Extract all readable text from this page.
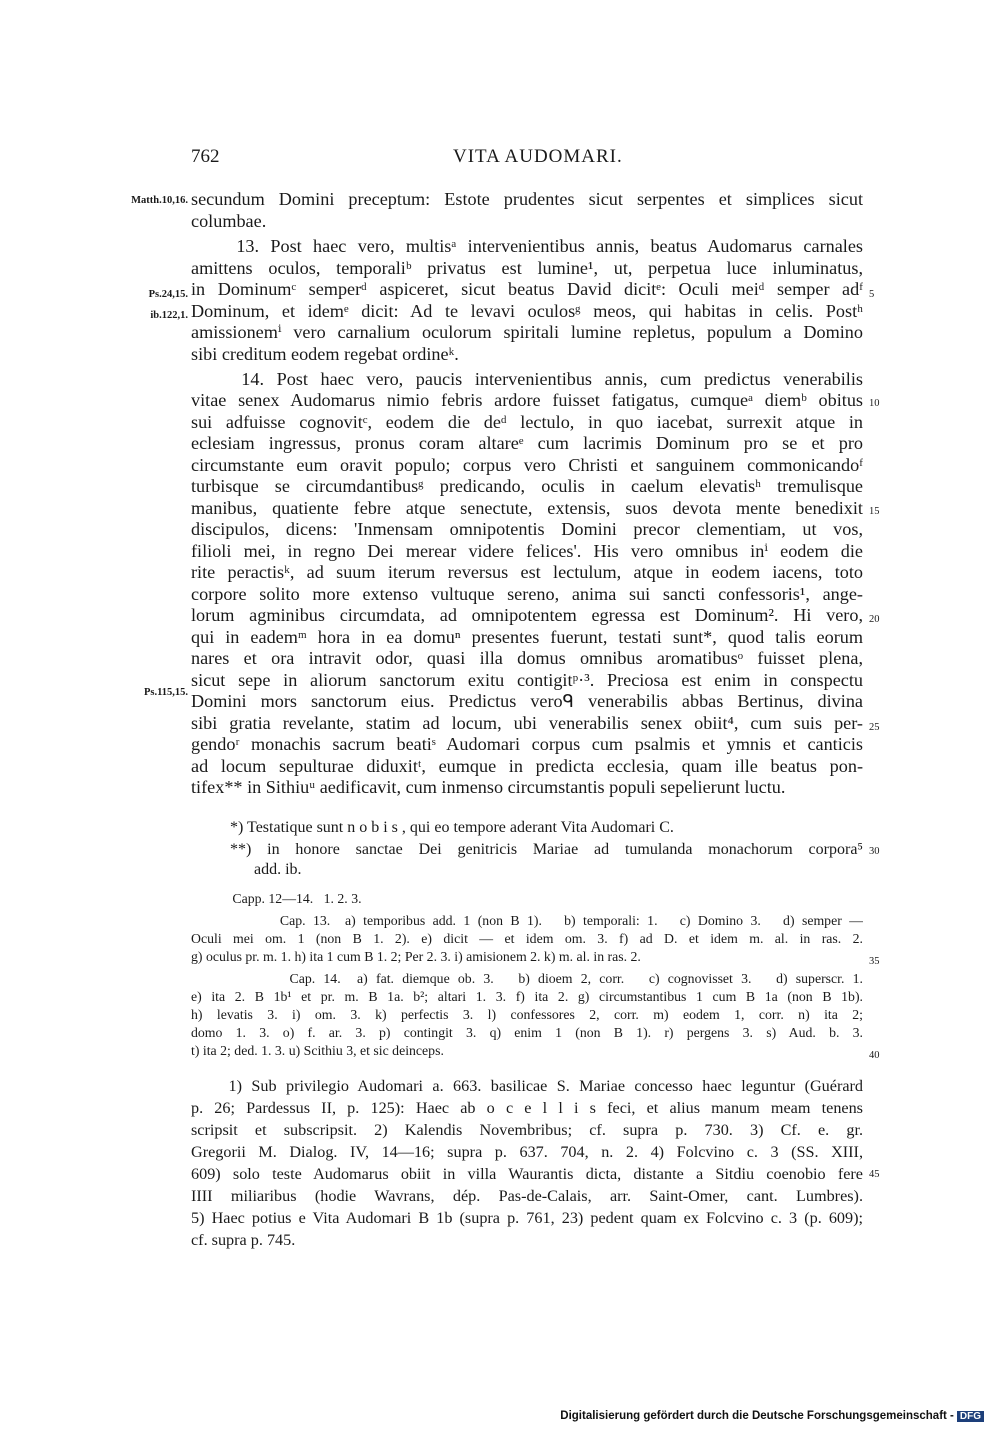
762	VITA AUDOMARI.
Matth.10,16.
Ps.24,15.
ib.122,1.
Ps.115,15.
5
10
15
20
25
30
35
40
45
secundum Domini preceptum: Estote prudentes sicut serpentes et simplices sicut
columbae.
13. Post haec vero, multisᵃ intervenientibus annis, beatus Audomarus carnales
amittens oculos, temporaliᵇ privatus est lumine¹, ut, perpetua luce inluminatus,
in Dominumᶜ semperᵈ aspiceret, sicut beatus David dicitᵉ: Oculi meiᵈ semper adᶠ
Dominum, et idemᵉ dicit: Ad te levavi oculosᵍ meos, qui habitas in celis. Postʰ
amissionemⁱ vero carnalium oculorum spiritali lumine repletus, populum a Domino
sibi creditum eodem regebat ordineᵏ.
14. Post haec vero, paucis intervenientibus annis, cum predictus venerabilis
vitae senex Audomarus nimio febris ardore fuisset fatigatus, cumqueᵃ diemᵇ obitus
sui adfuisse cognovitᶜ, eodem die deᵈ lectulo, in quo iacebat, surrexit atque in
eclesiam ingressus, pronus coram altareᵉ cum lacrimis Dominum pro se et pro
circumstante eum oravit populo; corpus vero Christi et sanguinem commonicandoᶠ
turbisque se circumdantibusᵍ predicando, oculis in caelum elevatisʰ tremulisque
manibus, quatiente febre atque senectute, extensis, suos devota mente benedixit
discipulos, dicens: 'Inmensam omnipotentis Domini precor clementiam, ut vos,
filioli mei, in regno Dei merear videre felices'. His vero omnibus inⁱ eodem die
rite peractisᵏ, ad suum iterum reversus est lectulum, atque in eodem iacens, toto
corpore solito more extenso vultuque sereno, anima sui sancti confessoris¹, ange-
lorum agminibus circumdata, ad omnipotentem egressa est Dominum². Hi vero,
qui in eademᵐ hora in ea domuⁿ presentes fuerunt, testati sunt*, quod talis eorum
nares et ora intravit odor, quasi illa domus omnibus aromatibusᵒ fuisset plena,
sicut sepe in aliorum sanctorum exitu contigitᵖ·³. Preciosa est enim in conspectu
Domini mors sanctorum eius. Predictus veroᑫ venerabilis abbas Bertinus, divina
sibi gratia revelante, statim ad locum, ubi venerabilis senex obiit⁴, cum suis per-
gendoʳ monachis sacrum beatiˢ Audomari corpus cum psalmis et ymnis et canticis
ad locum sepulturae diduxitᵗ, eumque in predicta ecclesia, quam ille beatus pon-
tifex** in Sithiuᵘ aedificavit, cum inmenso circumstantis populi sepelierunt luctu.
*) Testatique sunt n o b i s , qui eo tempore aderant Vita Audomari C.
**) in honore sanctae Dei genitricis Mariae ad tumulanda monachorum corpora⁵
add. ib.
Capp. 12—14.   1. 2. 3.
Cap. 13.  a) temporibus add. 1 (non B 1).   b) temporali: 1.   c) Domino 3.   d) semper —
Oculi mei om. 1 (non B 1. 2). e) dicit — et idem om. 3. f) ad D. et idem m. al. in ras. 2.
g) oculus pr. m. 1. h) ita 1 cum B 1. 2; Per 2. 3. i) amisionem 2. k) m. al. in ras. 2.
Cap. 14.  a) fat. diemque ob. 3.   b) dioem 2, corr.   c) cognovisset 3.   d) superscr. 1.
e) ita 2. B 1b¹ et pr. m. B 1a. b²; altari 1. 3. f) ita 2. g) circumstantibus 1 cum B 1a (non B 1b).
h) levatis 3. i) om. 3. k) perfectis 3. l) confessores 2, corr. m) eodem 1, corr. n) ita 2;
domo 1. 3. o) f. ar. 3. p) contingit 3. q) enim 1 (non B 1). r) pergens 3. s) Aud. b. 3.
t) ita 2; ded. 1. 3. u) Scithiu 3, et sic deinceps.
1) Sub privilegio Audomari a. 663. basilicae S. Mariae concesso haec leguntur (Guérard
p. 26; Pardessus II, p. 125): Haec ab o c e l l i s feci, et alius manum meam tenens
scripsit et subscripsit. 2) Kalendis Novembribus; cf. supra p. 730. 3) Cf. e. gr.
Gregorii M. Dialog. IV, 14—16; supra p. 637. 704, n. 2. 4) Folcvino c. 3 (SS. XIII,
609) solo teste Audomarus obiit in villa Waurantis dicta, distante a Sitdiu coenobio fere
IIII miliaribus (hodie Wavrans, dép. Pas-de-Calais, arr. Saint-Omer, cant. Lumbres).
5) Haec potius e Vita Audomari B 1b (supra p. 761, 23) pedent quam ex Folcvino c. 3 (p. 609);
cf. supra p. 745.
Digitalisierung gefördert durch die Deutsche Forschungsgemeinschaft - DFG
